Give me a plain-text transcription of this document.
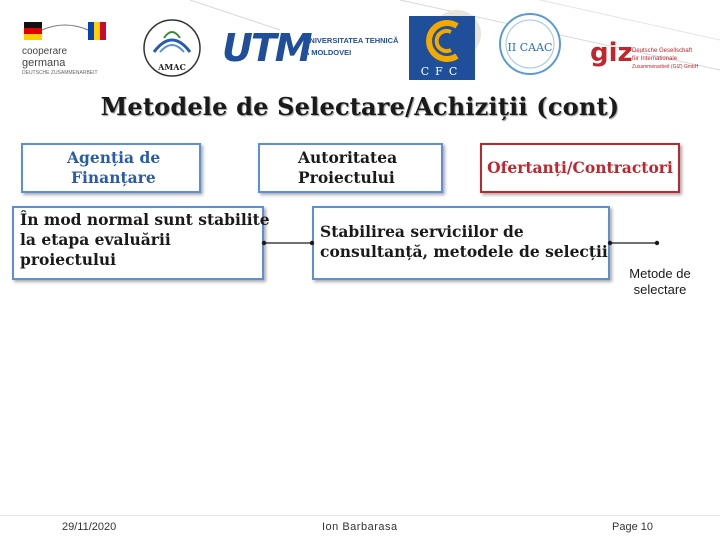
cooperare
germana
DEUTSCHE ZUSAMMENARBEIT
AMAC UTM
UNIVERSITATEA TEHNICĂ
A MOLDOVEI
CFC
II CAAC	giz Deutsche Gesellschaft
für Internationale
Zusammenarbeit (GIZ) GmbH
Metodele de Selectare/Achiziții (cont)
Agenția de
Finanțare
Autoritatea
Proiectului
Ofertanți/Contractori
În mod normal sunt stabilite
la etapa evaluării
proiectului
Stabilirea serviciilor de
consultanță, metodele de selecții
Metode de
selectare
29/11/2020	Ion Barbarasa	Page 10
